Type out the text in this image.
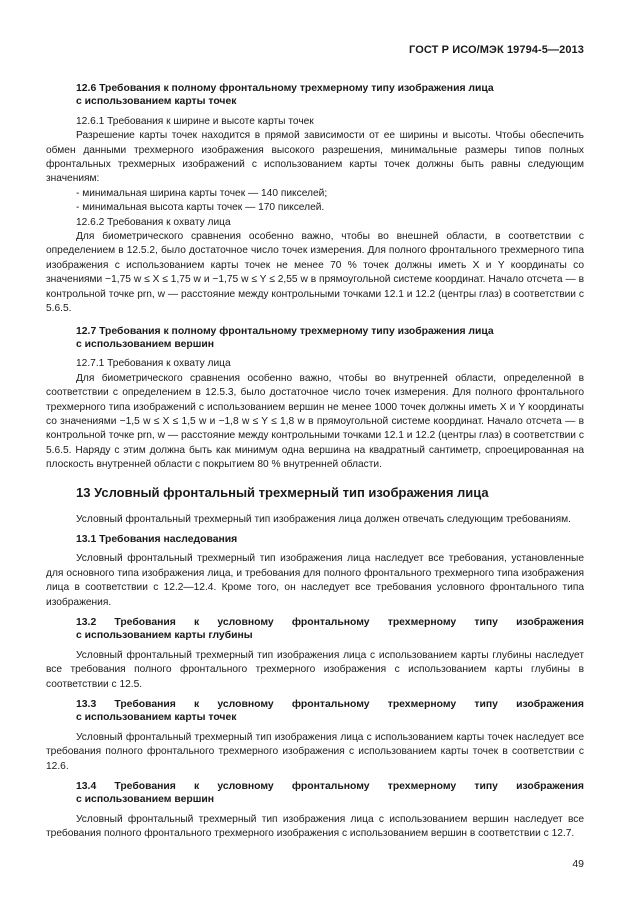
ГОСТ Р ИСО/МЭК 19794-5—2013

12.6 Требования к полному фронтальному трехмерному типу изображения лица

с использованием карты точек

12.6.1 Требования к ширине и высоте карты точек

Разрешение карты точек находится в прямой зависимости от ее ширины и высоты. Чтобы обеспечить обмен данными трехмерного изображения высокого разрешения, минимальные размеры типов полных фронтальных трехмерных изображений с использованием карты точек должны быть равны следующим значениям:

- минимальная ширина карты точек — 140 пикселей;

- минимальная высота карты точек — 170 пикселей.

12.6.2 Требования к охвату лица

Для биометрического сравнения особенно важно, чтобы во внешней области, в соответствии с определением в 12.5.2, было достаточное число точек измерения. Для полного фронтального трехмерного типа изображения с использованием карты точек не менее 70 % точек должны иметь X и Y координаты со значениями −1,75 w ≤ X ≤ 1,75 w и −1,75 w ≤ Y ≤ 2,55 w в прямоугольной системе координат. Начало отсчета — в контрольной точке prn, w — расстояние между контрольными точками 12.1 и 12.2 (центры глаз) в соответствии с 5.6.5.

12.7 Требования к полному фронтальному трехмерному типу изображения лица

с использованием вершин

12.7.1 Требования к охвату лица

Для биометрического сравнения особенно важно, чтобы во внутренней области, определенной в соответствии с определением в 12.5.3, было достаточное число точек измерения. Для полного фронтального трехмерного типа изображений с использованием вершин не менее 1000 точек должны иметь X и Y координаты со значениями −1,5 w ≤ X ≤ 1,5 w и −1,8 w ≤ Y ≤ 1,8 w в прямоугольной системе координат. Начало отсчета — в контрольной точке prn, w — расстояние между контрольными точками 12.1 и 12.2 (центры глаз) в соответствии с 5.6.5. Наряду с этим должна быть как минимум одна вершина на квадратный сантиметр, спроецированная на плоскость внутренней области с покрытием 80 % внутренней области.

13 Условный фронтальный трехмерный тип изображения лица

Условный фронтальный трехмерный тип изображения лица должен отвечать следующим требованиям.

13.1 Требования наследования

Условный фронтальный трехмерный тип изображения лица наследует все требования, установленные для основного типа изображения лица, и требования для полного фронтального трехмерного типа изображения лица в соответствии с 12.2—12.4. Кроме того, он наследует все требования условного фронтального типа изображения.

13.2 Требования к условному фронтальному трехмерному типу изображения

с использованием карты глубины

Условный фронтальный трехмерный тип изображения лица с использованием карты глубины наследует все требования полного фронтального трехмерного изображения с использованием карты глубины в соответствии с 12.5.

13.3 Требования к условному фронтальному трехмерному типу изображения

с использованием карты точек

Условный фронтальный трехмерный тип изображения лица с использованием карты точек наследует все требования полного фронтального трехмерного изображения с использованием карты точек в соответствии с 12.6.

13.4 Требования к условному фронтальному трехмерному типу изображения

с использованием вершин

Условный фронтальный трехмерный тип изображения лица с использованием вершин наследует все требования полного фронтального трехмерного изображения с использованием вершин в соответствии с 12.7.

49
